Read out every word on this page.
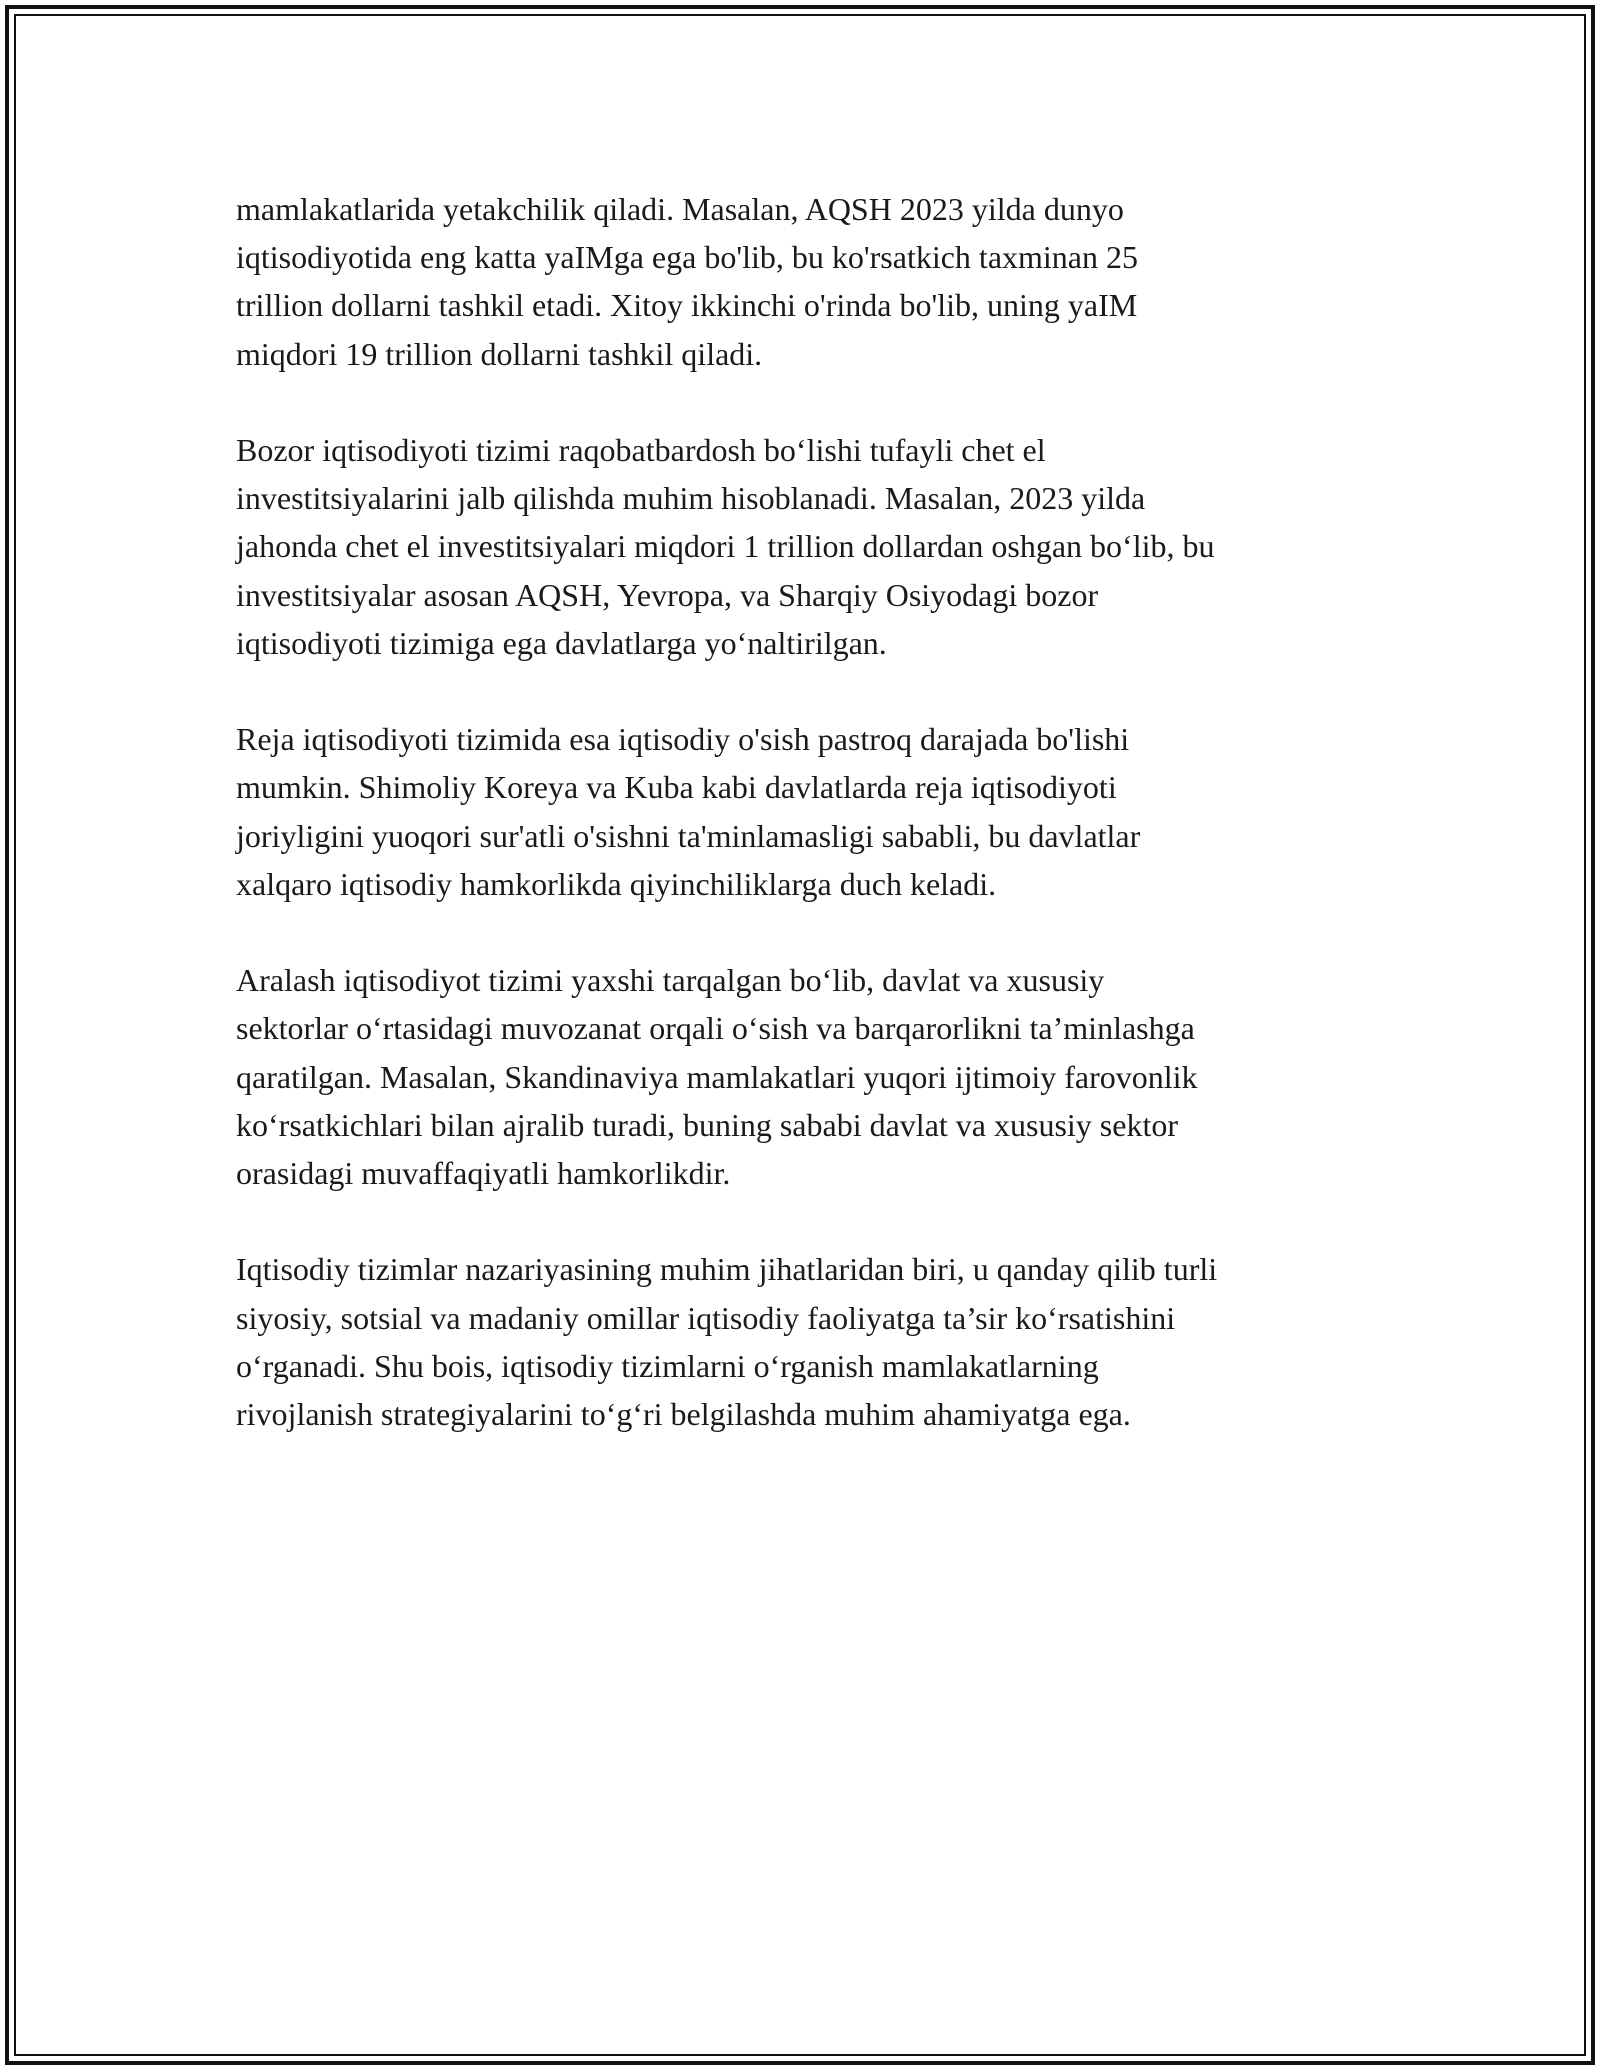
mamlakatlarida yetakchilik qiladi. Masalan, AQSH 2023 yilda dunyo
iqtisodiyotida eng katta yaIMga ega bo'lib, bu ko'rsatkich taxminan 25
trillion dollarni tashkil etadi. Xitoy ikkinchi o'rinda bo'lib, uning yaIM
miqdori 19 trillion dollarni tashkil qiladi.

Bozor iqtisodiyoti tizimi raqobatbardosh bo‘lishi tufayli chet el
investitsiyalarini jalb qilishda muhim hisoblanadi. Masalan, 2023 yilda
jahonda chet el investitsiyalari miqdori 1 trillion dollardan oshgan bo‘lib, bu
investitsiyalar asosan AQSH, Yevropa, va Sharqiy Osiyodagi bozor
iqtisodiyoti tizimiga ega davlatlarga yo‘naltirilgan.

Reja iqtisodiyoti tizimida esa iqtisodiy o'sish pastroq darajada bo'lishi
mumkin. Shimoliy Koreya va Kuba kabi davlatlarda reja iqtisodiyoti
joriyligini yuoqori sur'atli o'sishni ta'minlamasligi sababli, bu davlatlar
xalqaro iqtisodiy hamkorlikda qiyinchiliklarga duch keladi.

Aralash iqtisodiyot tizimi yaxshi tarqalgan bo‘lib, davlat va xususiy
sektorlar o‘rtasidagi muvozanat orqali o‘sish va barqarorlikni ta’minlashga
qaratilgan. Masalan, Skandinaviya mamlakatlari yuqori ijtimoiy farovonlik
ko‘rsatkichlari bilan ajralib turadi, buning sababi davlat va xususiy sektor
orasidagi muvaffaqiyatli hamkorlikdir.

Iqtisodiy tizimlar nazariyasining muhim jihatlaridan biri, u qanday qilib turli
siyosiy, sotsial va madaniy omillar iqtisodiy faoliyatga ta’sir ko‘rsatishini
o‘rganadi. Shu bois, iqtisodiy tizimlarni o‘rganish mamlakatlarning
rivojlanish strategiyalarini to‘g‘ri belgilashda muhim ahamiyatga ega.
